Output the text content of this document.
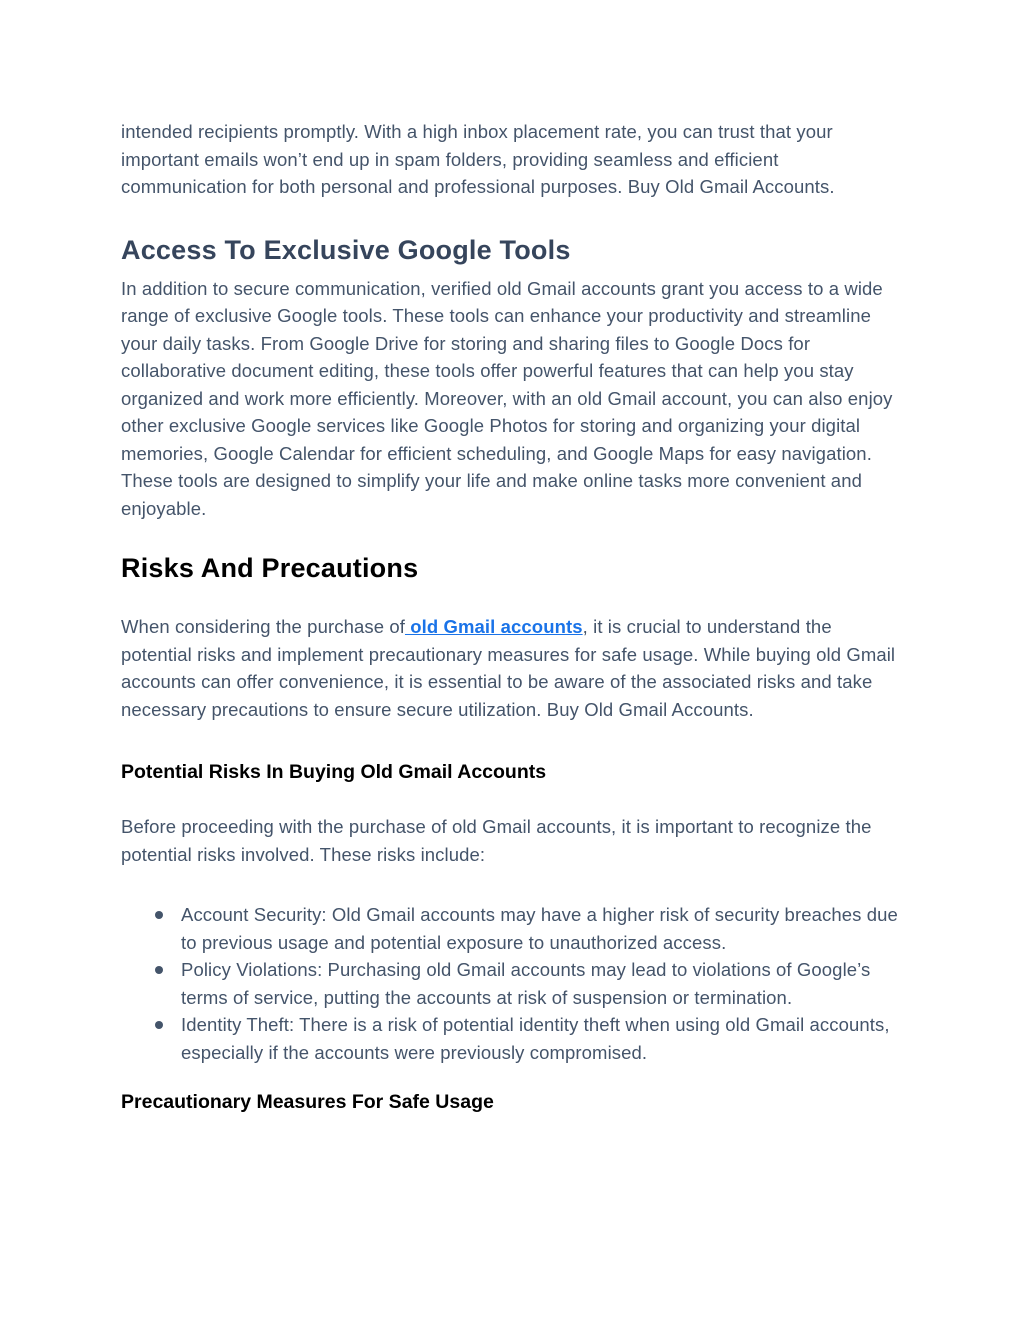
intended recipients promptly. With a high inbox placement rate, you can trust that your important emails won’t end up in spam folders, providing seamless and efficient communication for both personal and professional purposes. Buy Old Gmail Accounts.

Access To Exclusive Google Tools

In addition to secure communication, verified old Gmail accounts grant you access to a wide range of exclusive Google tools. These tools can enhance your productivity and streamline your daily tasks. From Google Drive for storing and sharing files to Google Docs for collaborative document editing, these tools offer powerful features that can help you stay organized and work more efficiently. Moreover, with an old Gmail account, you can also enjoy other exclusive Google services like Google Photos for storing and organizing your digital memories, Google Calendar for efficient scheduling, and Google Maps for easy navigation. These tools are designed to simplify your life and make online tasks more convenient and enjoyable.

Risks And Precautions

When considering the purchase of old Gmail accounts, it is crucial to understand the potential risks and implement precautionary measures for safe usage. While buying old Gmail accounts can offer convenience, it is essential to be aware of the associated risks and take necessary precautions to ensure secure utilization. Buy Old Gmail Accounts.

Potential Risks In Buying Old Gmail Accounts

Before proceeding with the purchase of old Gmail accounts, it is important to recognize the potential risks involved. These risks include:

Account Security: Old Gmail accounts may have a higher risk of security breaches due to previous usage and potential exposure to unauthorized access.
Policy Violations: Purchasing old Gmail accounts may lead to violations of Google’s terms of service, putting the accounts at risk of suspension or termination.
Identity Theft: There is a risk of potential identity theft when using old Gmail accounts, especially if the accounts were previously compromised.
Precautionary Measures For Safe Usage
